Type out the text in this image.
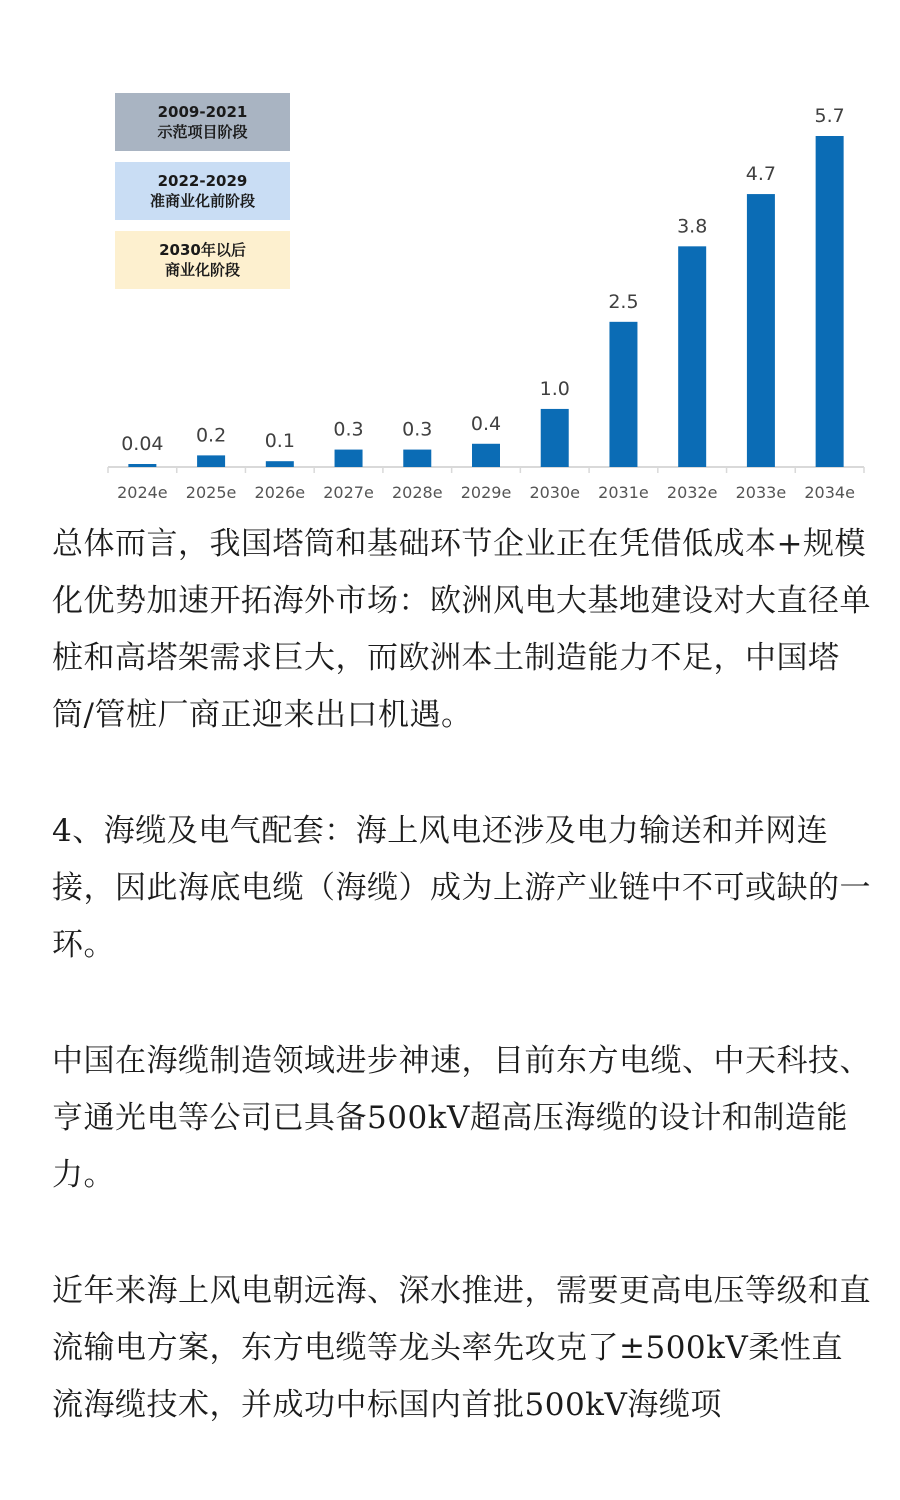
0.04
2024e
0.2
2025e
0.1
2026e
0.3
2027e
0.3
2028e
0.4
2029e
1.0
2030e
2.5
2031e
3.8
2032e
4.7
2033e
5.7
2034e
2009-2021
示范项目阶段
2022-2029
准商业化前阶段
2030年以后
商业化阶段

总体而言，我国塔筒和基础环节企业正在凭借低成本+规模化优势加速开拓海外市场：欧洲风电大基地建设对大直径单桩和高塔架需求巨大，而欧洲本土制造能力不足，中国塔筒/管桩厂商正迎来出口机遇。

4、海缆及电气配套：海上风电还涉及电力输送和并网连接，因此海底电缆（海缆）成为上游产业链中不可或缺的一环。

中国在海缆制造领域进步神速，目前东方电缆、中天科技、亨通光电等公司已具备500kV超高压海缆的设计和制造能力。

近年来海上风电朝远海、深水推进，需要更高电压等级和直流输电方案，东方电缆等龙头率先攻克了±500kV柔性直流海缆技术，并成功中标国内首批500kV海缆项
